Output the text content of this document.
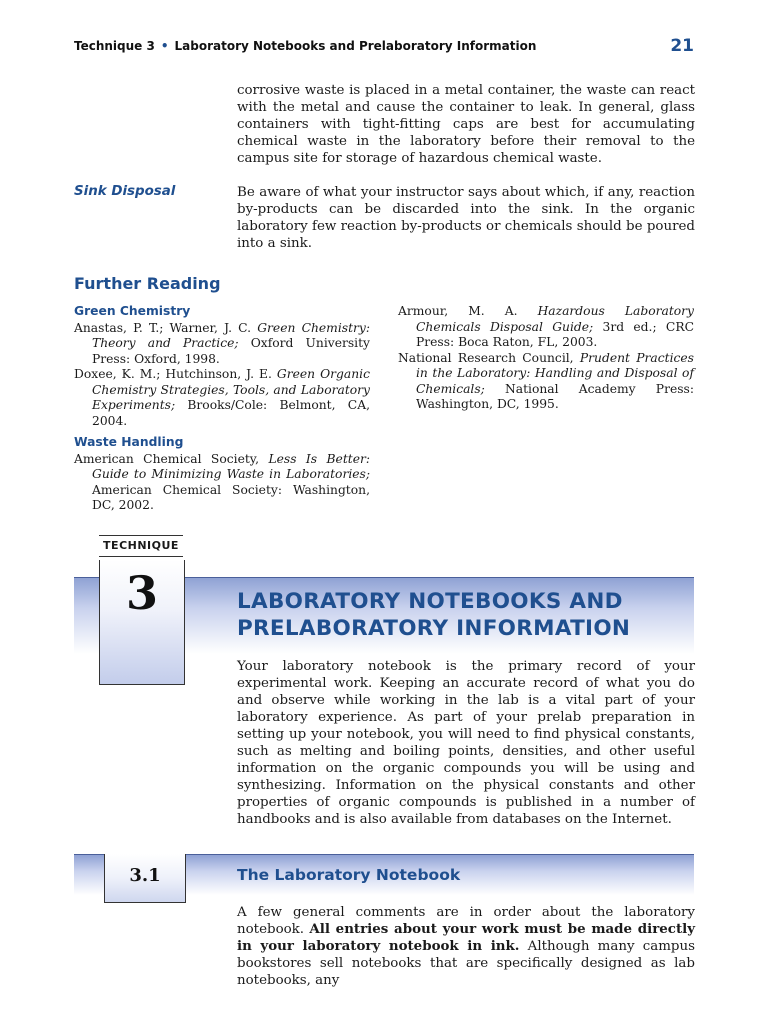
Technique 3 • Laboratory Notebooks and Prelaboratory Information	21

corrosive waste is placed in a metal container, the waste can react with the metal and cause the container to leak. In general, glass containers with tight-fitting caps are best for accumulating chemical waste in the laboratory before their removal to the campus site for storage of hazardous chemical waste.

Sink Disposal	Be aware of what your instructor says about which, if any, reaction by-products can be discarded into the sink. In the organic laboratory few reaction by-products or chemicals should be poured into a sink.

Further Reading
Green Chemistry

Anastas, P. T.; Warner, J. C. Green Chemistry: Theory and Practice; Oxford University Press: Oxford, 1998.

Doxee, K. M.; Hutchinson, J. E. Green Organic Chemistry Strategies, Tools, and Laboratory Experiments; Brooks/Cole: Belmont, CA, 2004.

Waste Handling

American Chemical Society, Less Is Better: Guide to Minimizing Waste in Laboratories; American Chemical Society: Washington, DC, 2002.

Armour, M. A. Hazardous Laboratory Chemicals Disposal Guide; 3rd ed.; CRC Press: Boca Raton, FL, 2003.

National Research Council, Prudent Practices in the Laboratory: Handling and Disposal of Chemicals; National Academy Press: Washington, DC, 1995.

TECHNIQUE
3	LABORATORY NOTEBOOKS AND PRELABORATORY INFORMATION

Your laboratory notebook is the primary record of your experimental work. Keeping an accurate record of what you do and observe while working in the lab is a vital part of your laboratory experience. As part of your prelab preparation in setting up your notebook, you will need to find physical constants, such as melting and boiling points, densities, and other useful information on the organic compounds you will be using and synthesizing. Information on the physical constants and other properties of organic compounds is published in a number of handbooks and is also available from databases on the Internet.

3.1	The Laboratory Notebook

A few general comments are in order about the laboratory notebook. All entries about your work must be made directly in your laboratory notebook in ink. Although many campus bookstores sell notebooks that are specifically designed as lab notebooks, any
